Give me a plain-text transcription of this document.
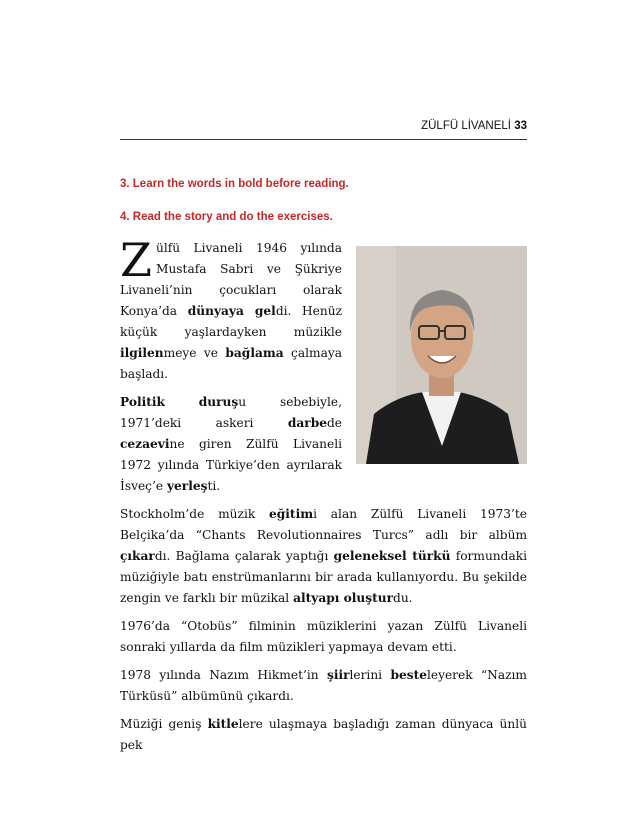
ZÜLFÜ LİVANELİ 33
3. Learn the words in bold before reading.
4. Read the story and do the exercises.

Zülfü Livaneli 1946 yılında Mustafa Sabri ve Şükriye Livaneli’nin çocukları olarak Konya’da dünyaya geldi. Henüz küçük yaşlardayken müzikle ilgilenmeye ve bağlama çalmaya başladı.

Politik	duruşu sebebiyle, 1971’deki askeri darbede cezaevine giren Zülfü Livaneli 1972 yılında Türkiye’den ayrılarak İsveç’e yerleşti.

Stockholm’de müzik eğitimi alan Zülfü Livaneli 1973’te Belçika’da “Chants Revolutionnaires Turcs” adlı bir albüm çıkardı. Bağlama çalarak yaptığı geleneksel türkü formundaki müziğiyle batı enstrümanlarını bir arada kullanıyordu. Bu şekilde zengin ve farklı bir müzikal altyapı oluşturdu.

1976’da “Otobüs” filminin müziklerini yazan Zülfü Livaneli sonraki yıllarda da film müzikleri yapmaya devam etti.

1978 yılında Nazım Hikmet’in şiirlerini besteleyerek “Nazım Türküsü” albümünü çıkardı.

Müziği geniş kitlelere ulaşmaya başladığı zaman dünyaca ünlü pek
